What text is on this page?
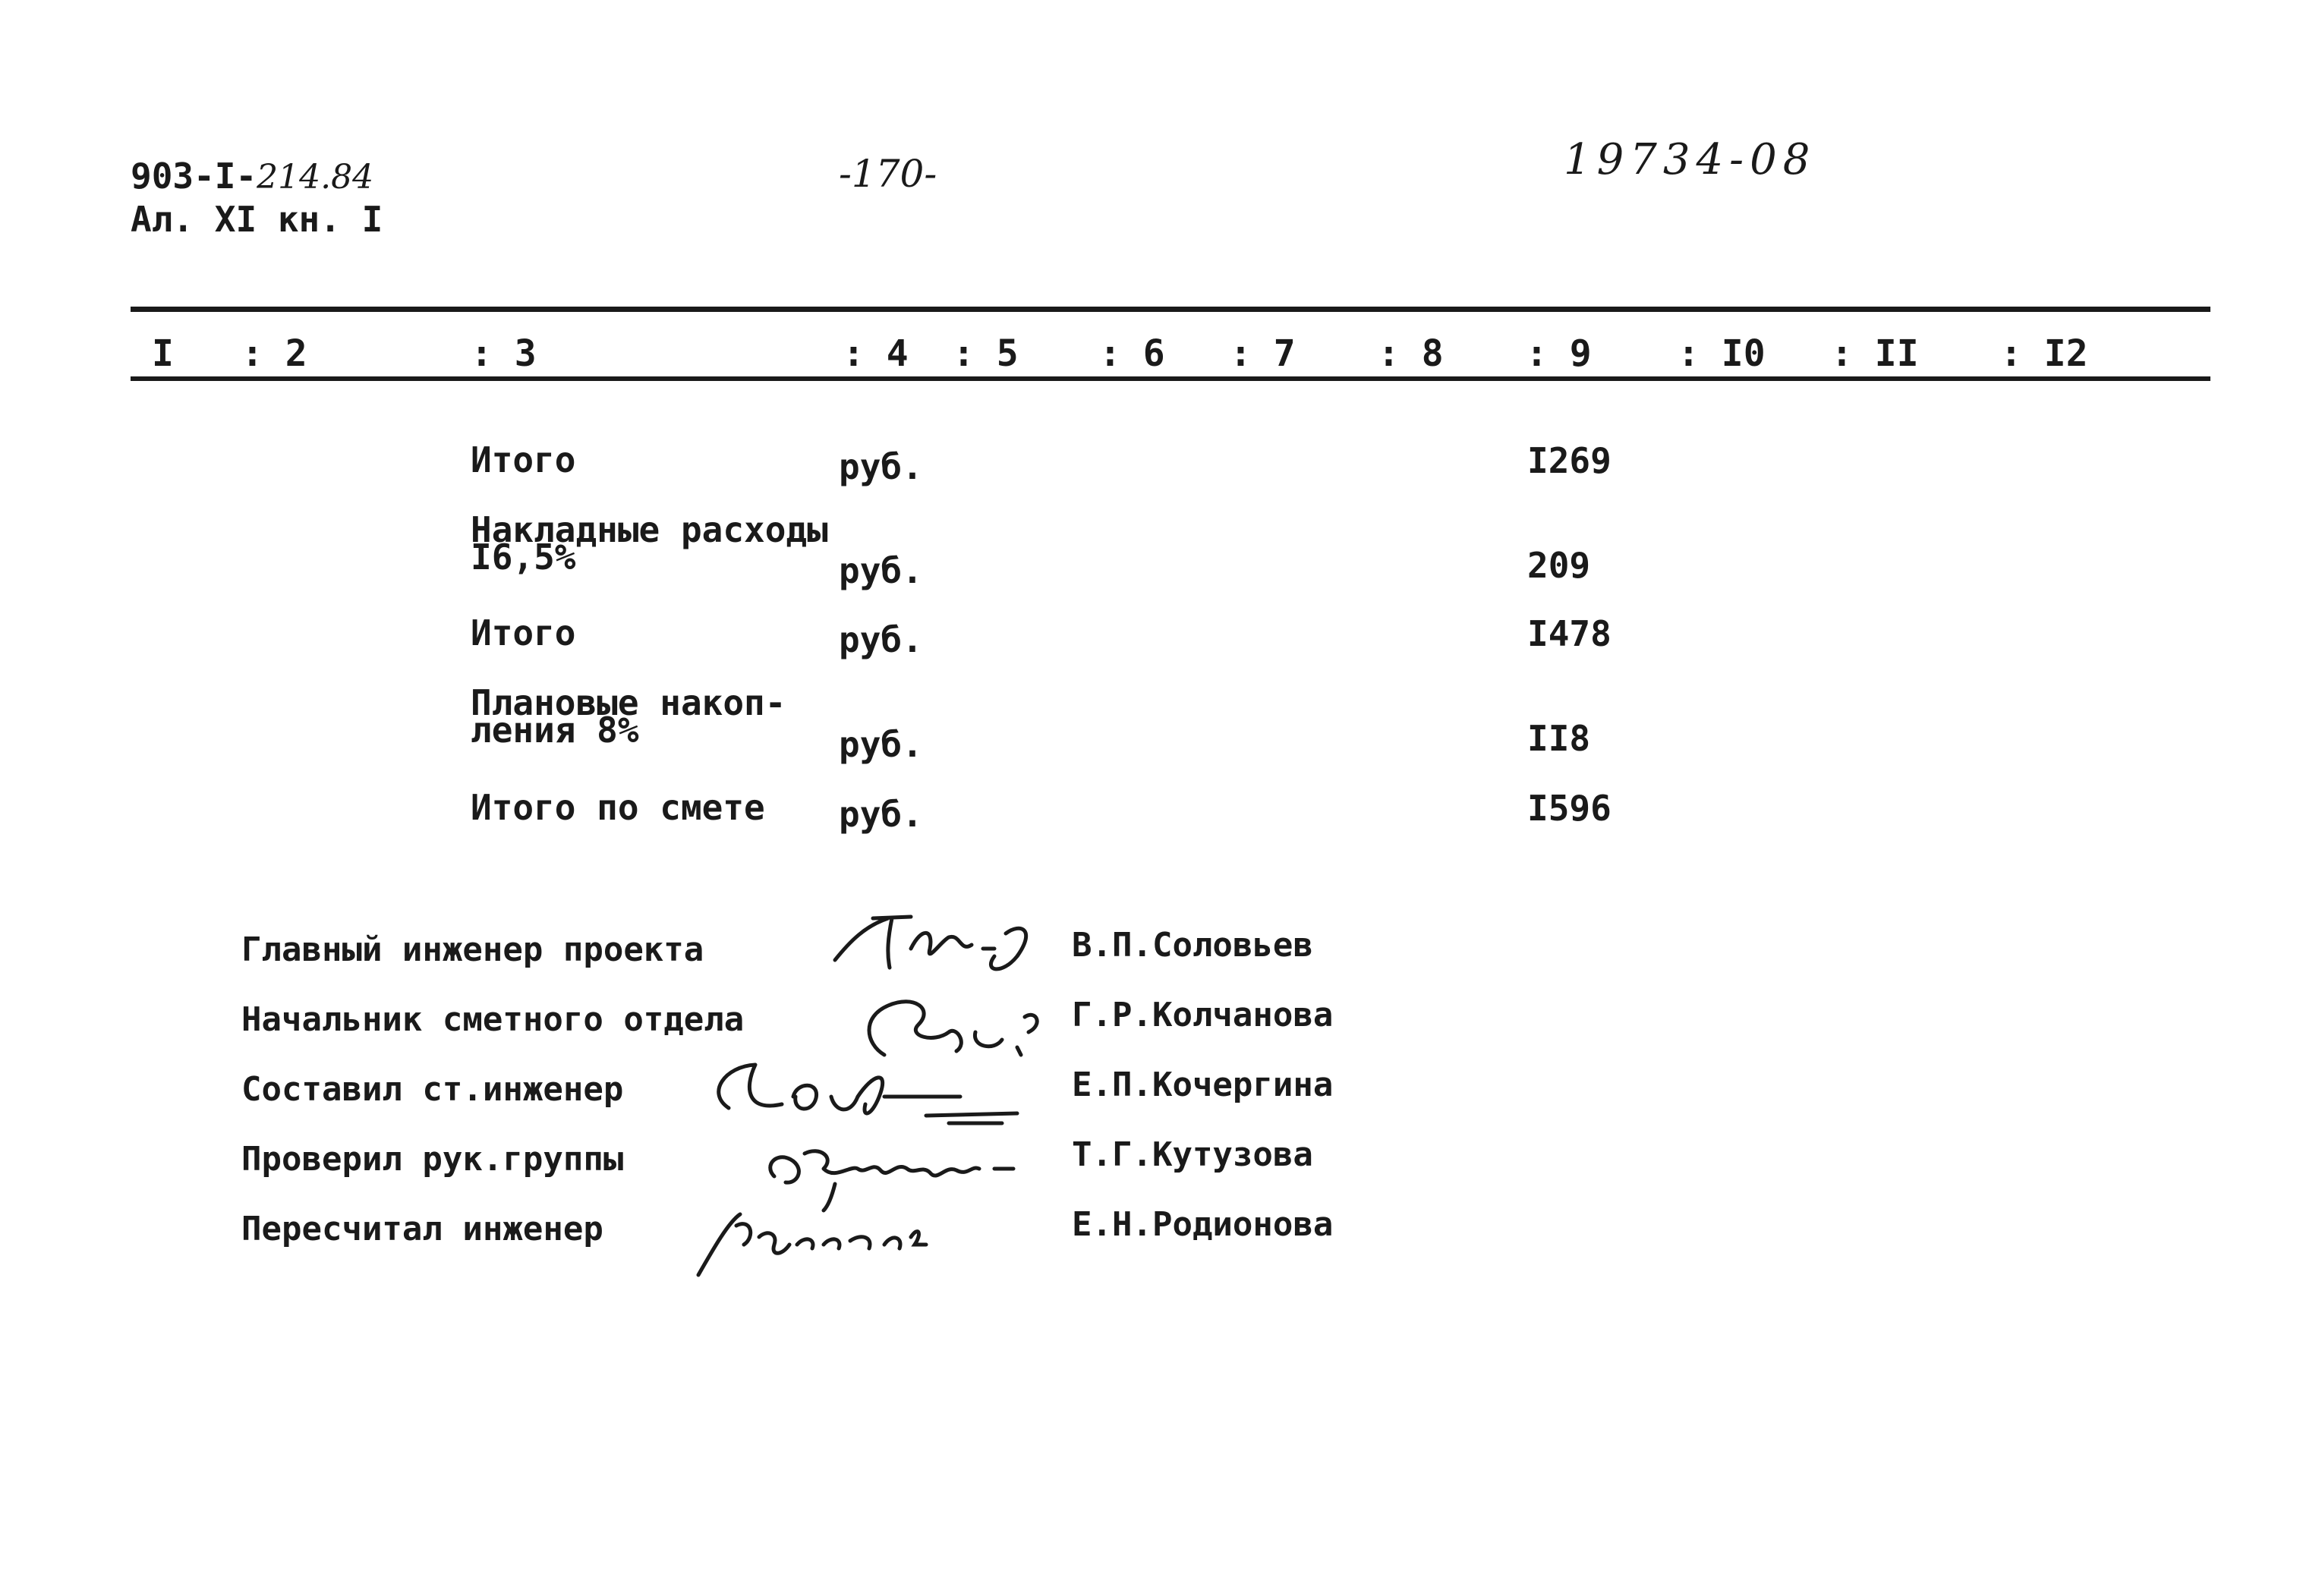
903-I-214.84
Ал. XI кн. I
-170-	19734-08
I : 2	: 3	: 4 : 5 : 6 : 7 : 8 : 9 : I0 : II : I2
Итого	руб.	I269
Накладные расходы
I6,5%	руб.	209
Итого	руб.	I478
Плановые накоп-
ления 8%	руб.	II8
Итого по смете руб.	I596
Главный инженер проекта	В.П.Соловьев
Начальник сметного отдела	Г.Р.Колчанова
Составил ст.инженер	Е.П.Кочергина
Проверил рук.группы	Т.Г.Кутузова
Пересчитал инженер	Е.Н.Родионова
